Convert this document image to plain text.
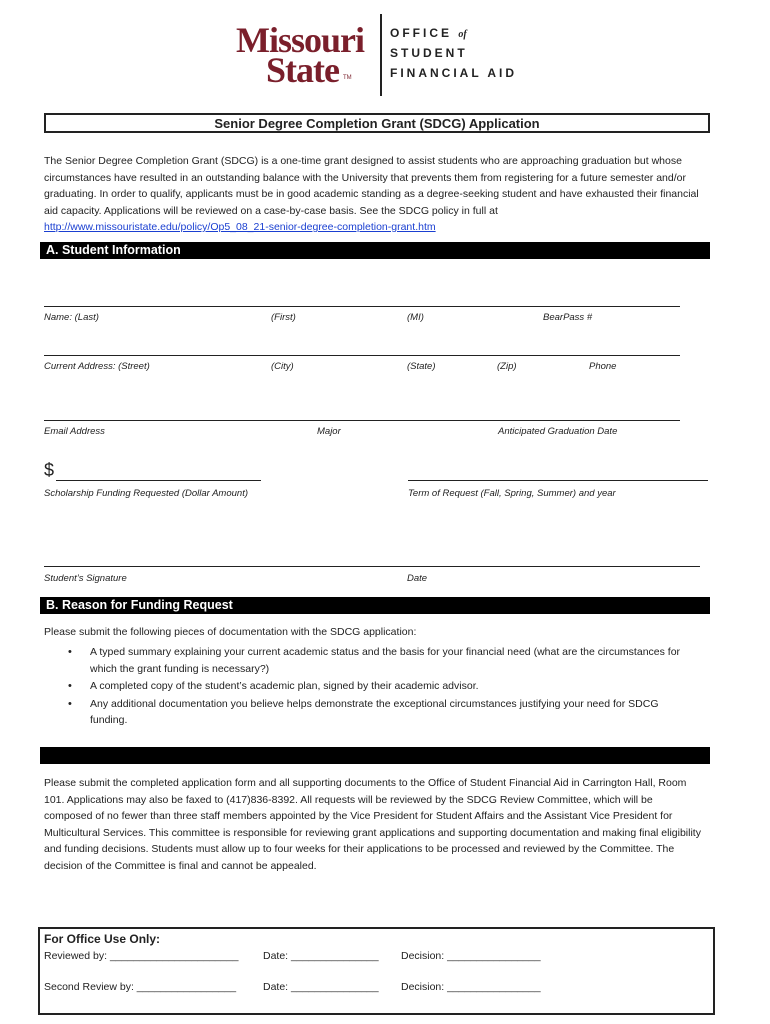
Missouri
State TM
OFFICE of
STUDENT
FINANCIAL AID
Senior Degree Completion Grant (SDCG) Application
The Senior Degree Completion Grant (SDCG) is a one-time grant designed to assist students who are approaching graduation but whose circumstances have resulted in an outstanding balance with the University that prevents them from registering for a future semester and/or graduating. In order to qualify, applicants must be in good academic standing as a degree-seeking student and have exhausted their financial aid capacity. Applications will be reviewed on a case-by-case basis. See the SDCG policy in full at http://www.missouristate.edu/policy/Op5_08_21-senior-degree-completion-grant.htm
A. Student Information
Name: (Last)	(First)	(MI)	BearPass #
Current Address: (Street)	(City)	(State)	(Zip)	Phone
Email Address	Major	Anticipated Graduation Date
$
Scholarship Funding Requested (Dollar Amount)	Term of Request (Fall, Spring, Summer) and year
Student’s Signature	Date
B. Reason for Funding Request
Please submit the following pieces of documentation with the SDCG application:
• A typed summary explaining your current academic status and the basis for your financial need (what are the circumstances for which the grant funding is necessary?)
• A completed copy of the student’s academic plan, signed by their academic advisor.
• Any additional documentation you believe helps demonstrate the exceptional circumstances justifying your need for SDCG funding.
Please submit the completed application form and all supporting documents to the Office of Student Financial Aid in Carrington Hall, Room 101. Applications may also be faxed to (417)836-8392. All requests will be reviewed by the SDCG Review Committee, which will be composed of no fewer than three staff members appointed by the Vice President for Student Affairs and the Assistant Vice President for Multicultural Services. This committee is responsible for reviewing grant applications and supporting documentation and making final eligibility and funding decisions. Students must allow up to four weeks for their applications to be processed and reviewed by the Committee. The decision of the Committee is final and cannot be appealed.
For Office Use Only:
Reviewed by: ______________________ Date: _______________ Decision: ________________
Second Review by: _________________	Date: _______________ Decision: ________________
